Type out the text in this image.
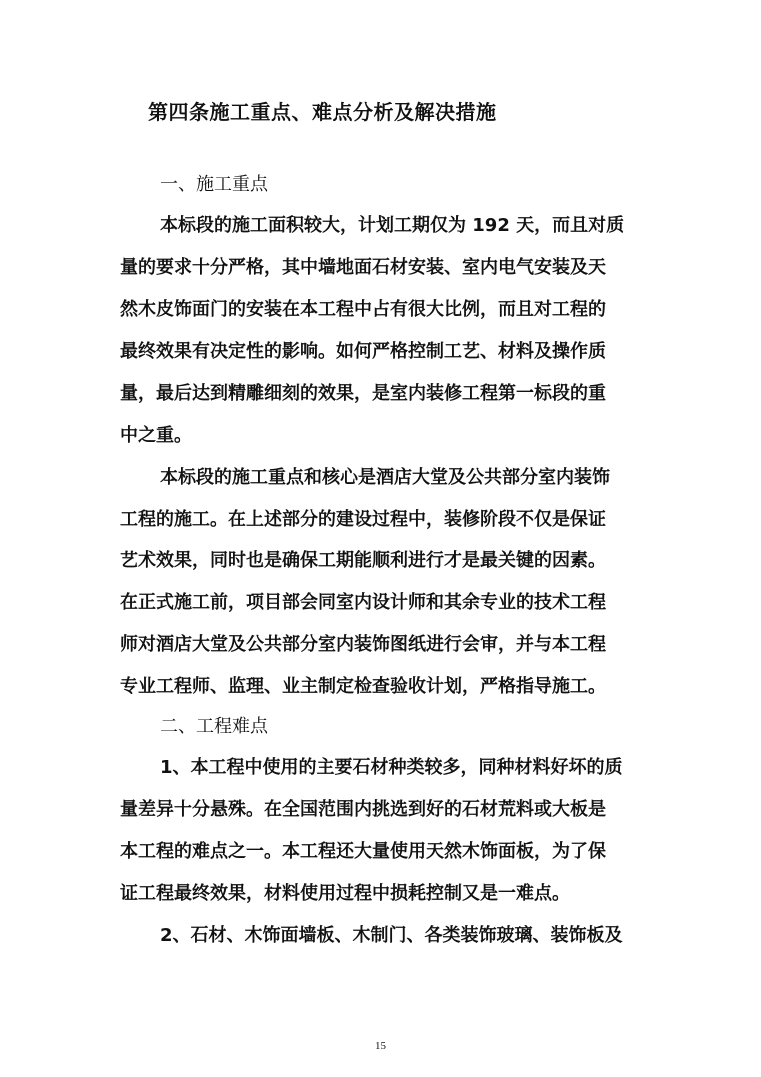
第四条施工重点、难点分析及解决措施
一、施工重点
本标段的施工面积较大，计划工期仅为 192 天，而且对质
量的要求十分严格，其中墙地面石材安装、室内电气安装及天
然木皮饰面门的安装在本工程中占有很大比例，而且对工程的
最终效果有决定性的影响。如何严格控制工艺、材料及操作质
量，最后达到精雕细刻的效果，是室内装修工程第一标段的重
中之重。
本标段的施工重点和核心是酒店大堂及公共部分室内装饰
工程的施工。在上述部分的建设过程中，装修阶段不仅是保证
艺术效果，同时也是确保工期能顺利进行才是最关键的因素。
在正式施工前，项目部会同室内设计师和其余专业的技术工程
师对酒店大堂及公共部分室内装饰图纸进行会审，并与本工程
专业工程师、监理、业主制定检查验收计划，严格指导施工。
二、工程难点
1、本工程中使用的主要石材种类较多，同种材料好坏的质
量差异十分悬殊。在全国范围内挑选到好的石材荒料或大板是
本工程的难点之一。本工程还大量使用天然木饰面板，为了保
证工程最终效果，材料使用过程中损耗控制又是一难点。
2、石材、木饰面墙板、木制门、各类装饰玻璃、装饰板及
15
